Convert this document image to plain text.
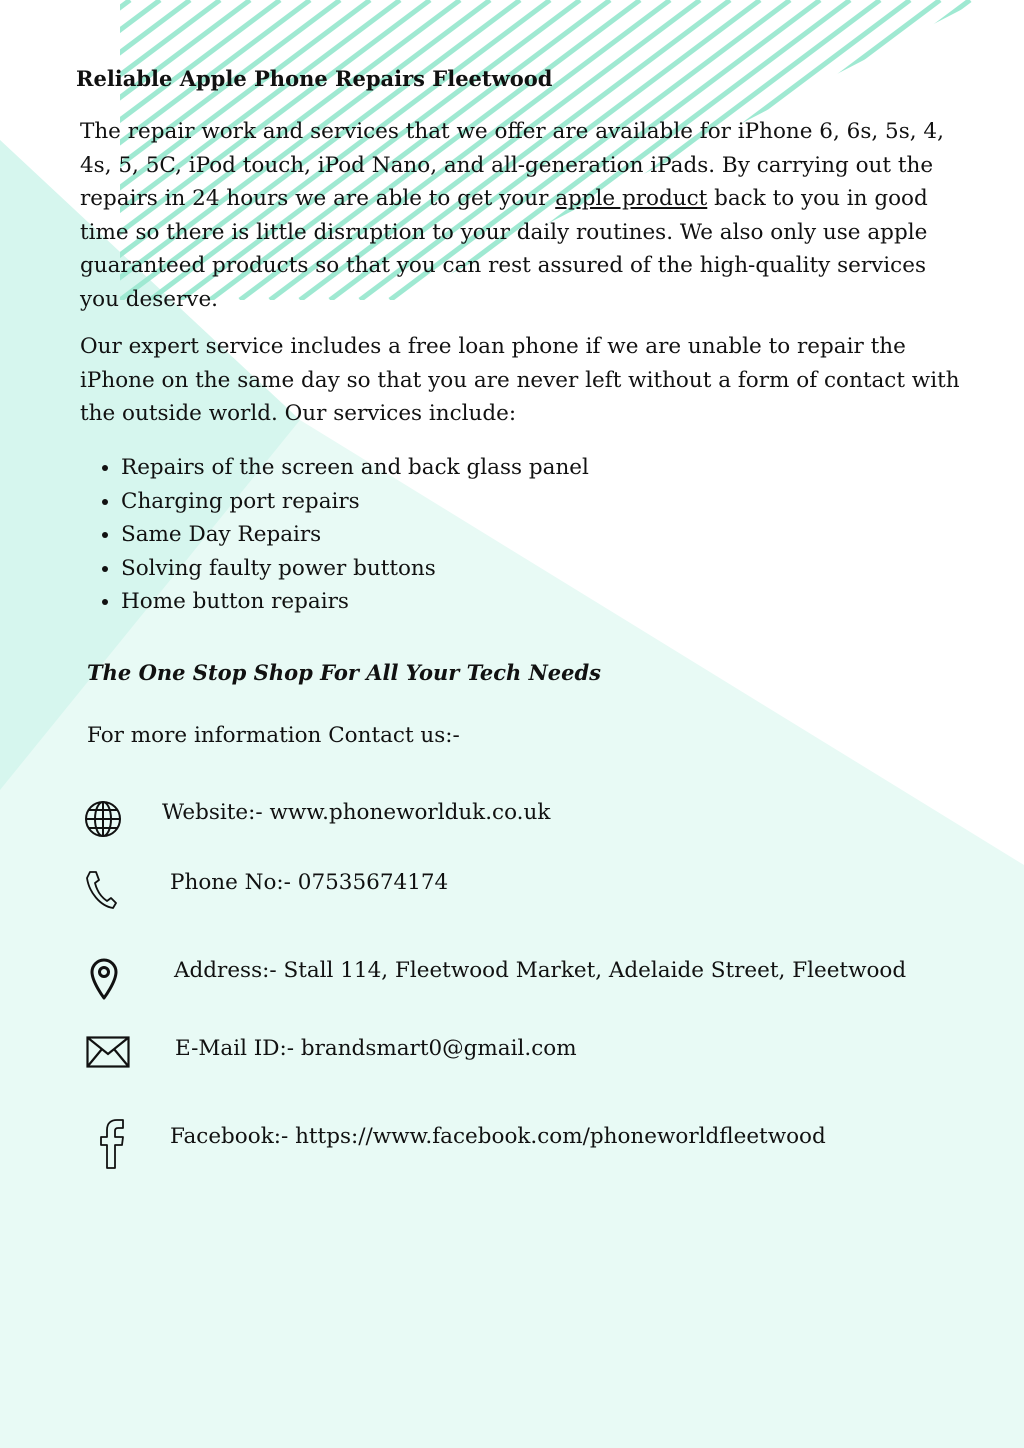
Reliable Apple Phone Repairs Fleetwood

The repair work and services that we offer are available for iPhone 6, 6s, 5s, 4, 4s, 5, 5C, iPod touch, iPod Nano, and all-generation iPads. By carrying out the repairs in 24 hours we are able to get your apple product back to you in good time so there is little disruption to your daily routines. We also only use apple guaranteed products so that you can rest assured of the high-quality services you deserve.

Our expert service includes a free loan phone if we are unable to repair the iPhone on the same day so that you are never left without a form of contact with the outside world. Our services include:

• Repairs of the screen and back glass panel
• Charging port repairs
• Same Day Repairs
• Solving faulty power buttons
• Home button repairs

The One Stop Shop For All Your Tech Needs

For more information Contact us:-

Website:- www.phoneworlduk.co.uk

Phone No:- 07535674174

Address:- Stall 114, Fleetwood Market, Adelaide Street, Fleetwood

E-Mail ID:- brandsmart0@gmail.com

Facebook:- https://www.facebook.com/phoneworldfleetwood
